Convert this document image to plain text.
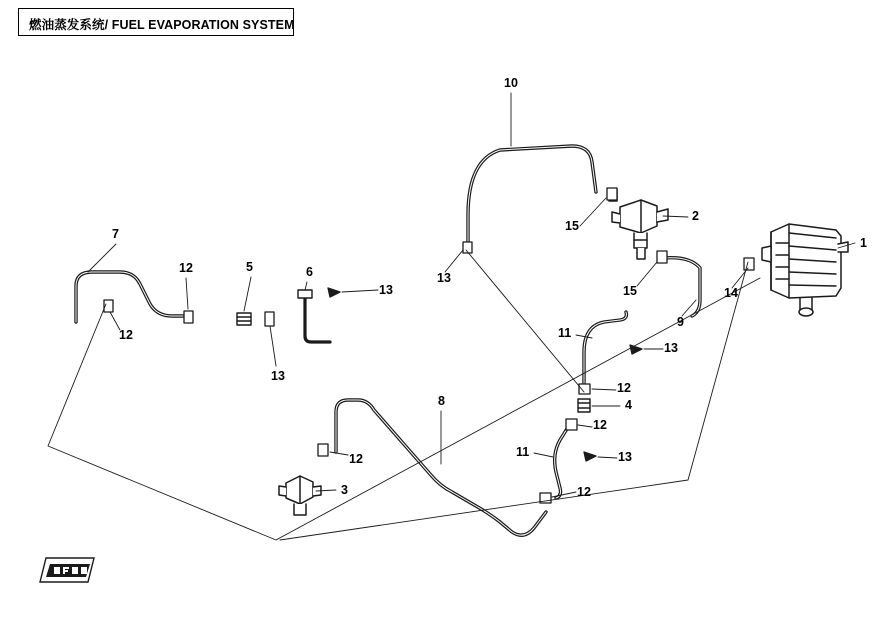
燃油蒸发系统/ FUEL EVAPORATION SYSTEM
1
2
3
4
5	6
7
8
9
10
11
11
12
12
12
12
12
12
13
13
13
13
13
14
15
15
